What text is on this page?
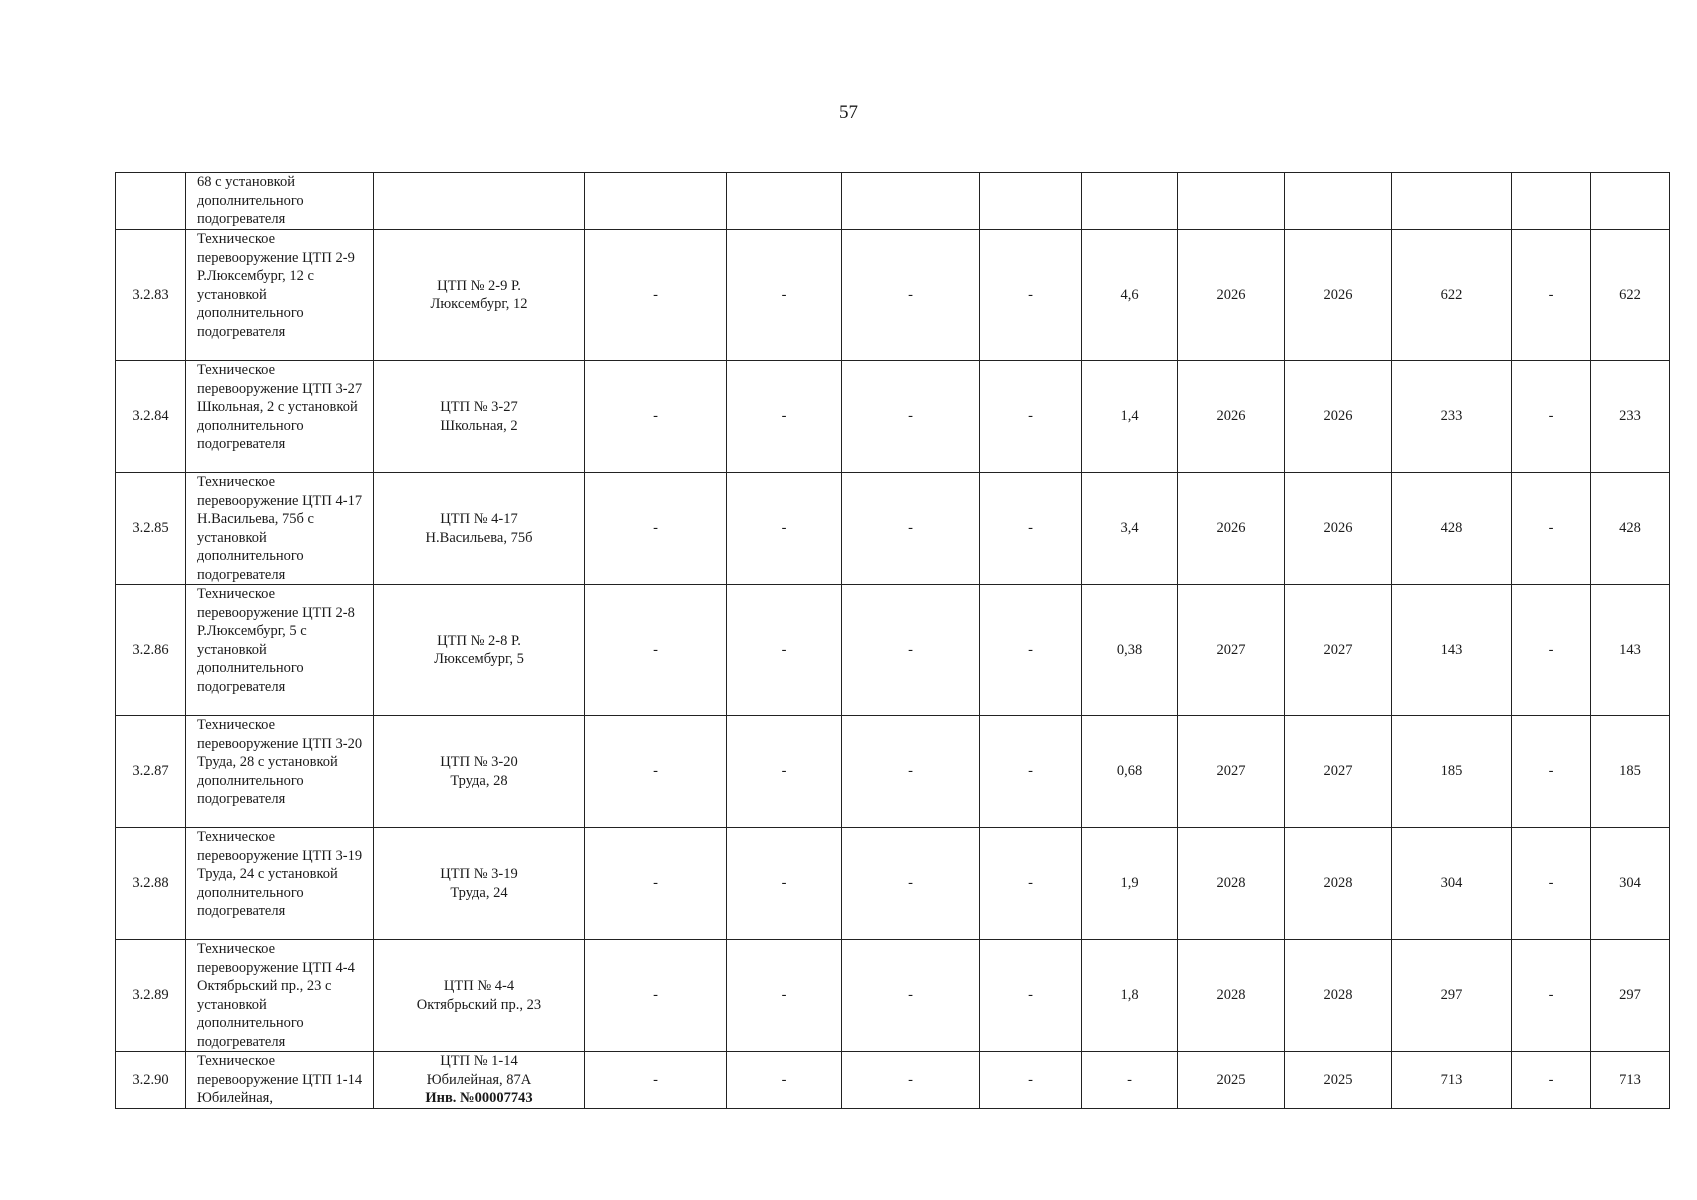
57
	68 с установкой дополнительного подогревателя											
3.2.83	Техническое перевооружение ЦТП 2-9 Р.Люксембург, 12 с установкой дополнительного подогревателя	ЦТП № 2-9 Р.
Люксембург, 12	-	-	-	-	4,6	2026	2026	622	-	622
3.2.84	Техническое перевооружение ЦТП 3-27 Школьная, 2 с установкой дополнительного подогревателя	ЦТП № 3-27
Школьная, 2	-	-	-	-	1,4	2026	2026	233	-	233
3.2.85	Техническое перевооружение ЦТП 4-17 Н.Васильева, 75б с установкой дополнительного подогревателя	ЦТП № 4-17
Н.Васильева, 75б	-	-	-	-	3,4	2026	2026	428	-	428
3.2.86	Техническое перевооружение ЦТП 2-8 Р.Люксембург, 5 с установкой дополнительного подогревателя	ЦТП № 2-8 Р.
Люксембург, 5	-	-	-	-	0,38	2027	2027	143	-	143
3.2.87	Техническое перевооружение ЦТП 3-20 Труда, 28 с установкой дополнительного подогревателя	ЦТП № 3-20
Труда, 28	-	-	-	-	0,68	2027	2027	185	-	185
3.2.88	Техническое перевооружение ЦТП 3-19 Труда, 24 с установкой дополнительного подогревателя	ЦТП № 3-19
Труда, 24	-	-	-	-	1,9	2028	2028	304	-	304
3.2.89	Техническое перевооружение ЦТП 4-4 Октябрьский пр., 23 с установкой дополнительного подогревателя	ЦТП № 4-4
Октябрьский пр., 23	-	-	-	-	1,8	2028	2028	297	-	297
3.2.90	Техническое перевооружение ЦТП 1-14 Юбилейная,	ЦТП № 1-14
Юбилейная, 87А
Инв. №00007743	-	-	-	-	-	2025	2025	713	-	713
